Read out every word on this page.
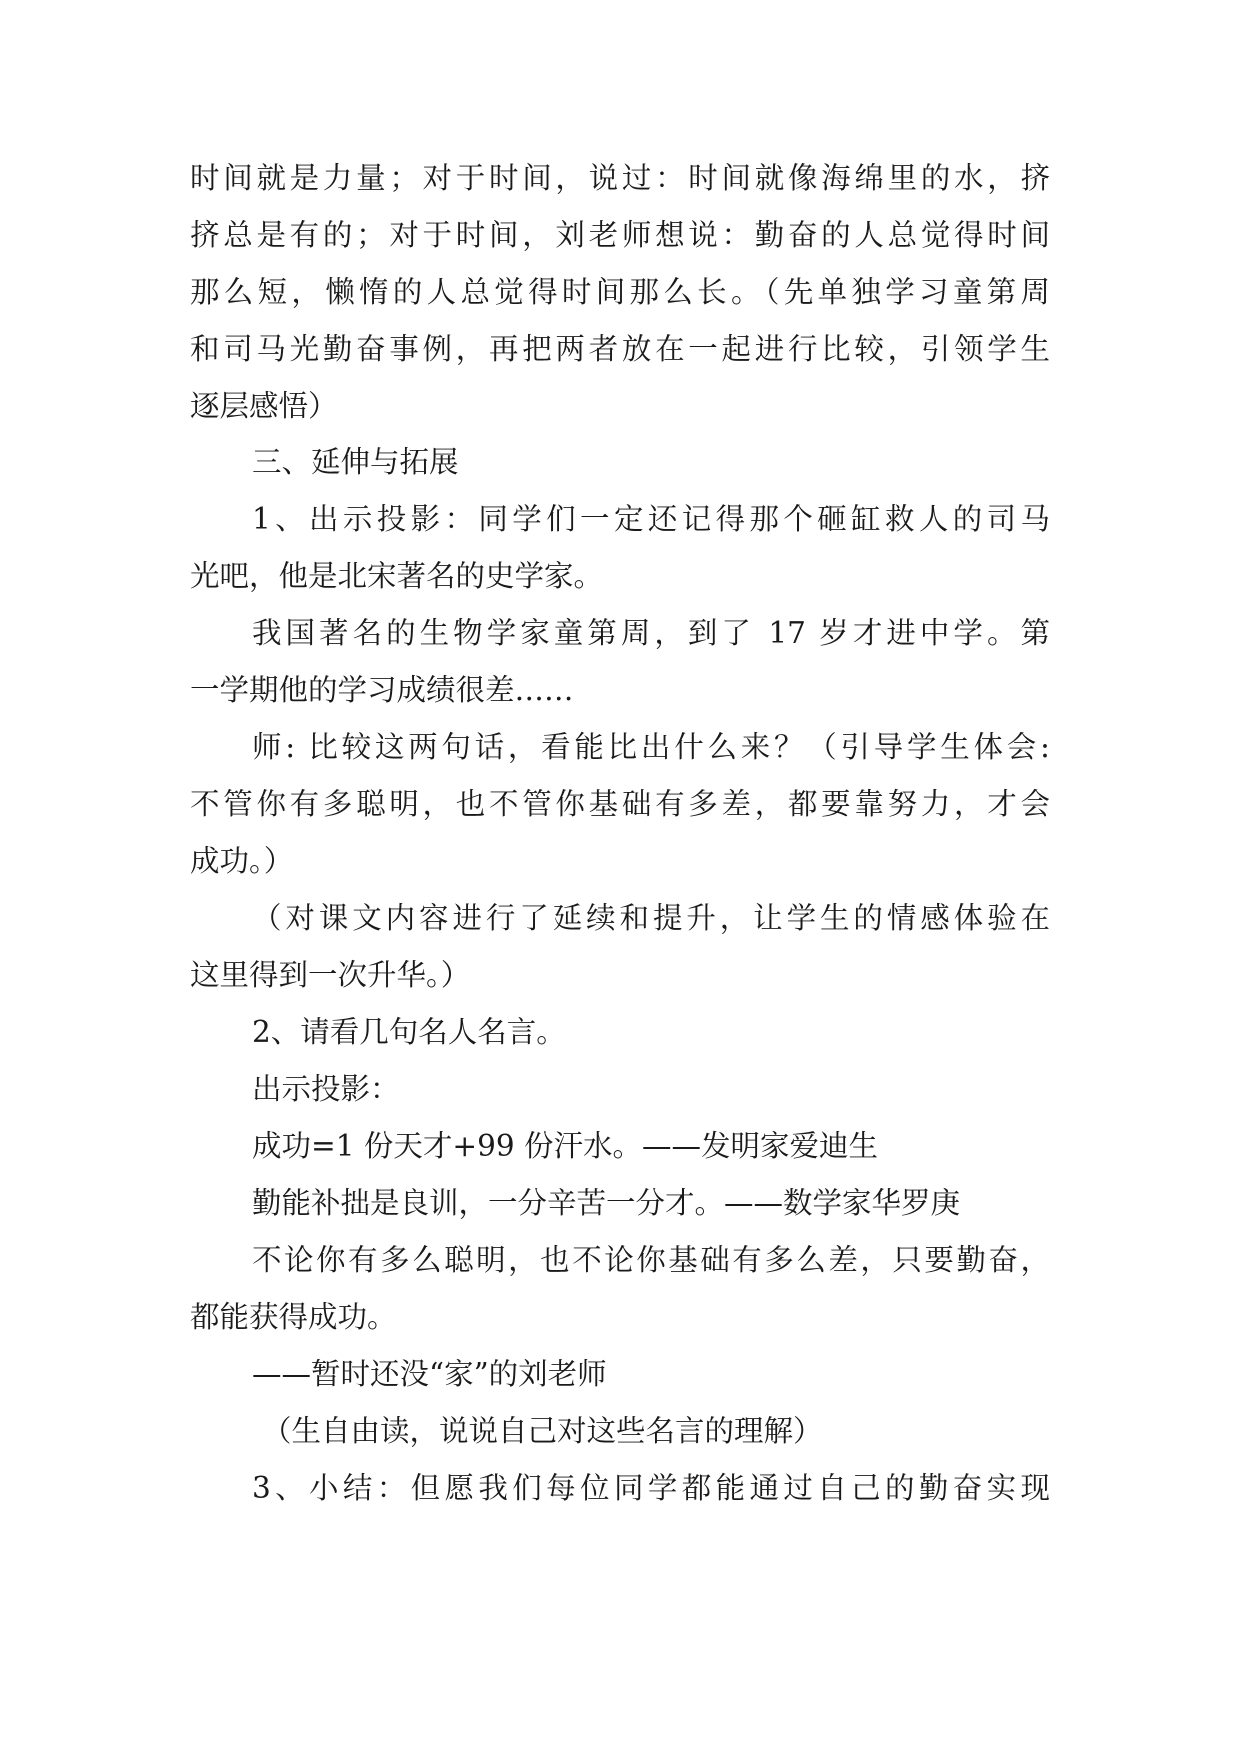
时间就是力量；对于时间，说过：时间就像海绵里的水，挤
挤总是有的；对于时间，刘老师想说：勤奋的人总觉得时间
那么短，懒惰的人总觉得时间那么长。（先单独学习童第周
和司马光勤奋事例，再把两者放在一起进行比较，引领学生
逐层感悟）
三、延伸与拓展
1、出示投影：同学们一定还记得那个砸缸救人的司马
光吧，他是北宋著名的史学家。
我国著名的生物学家童第周，到了 17 岁才进中学。第
一学期他的学习成绩很差……
师: 比较这两句话，看能比出什么来？（引导学生体会:
不管你有多聪明，也不管你基础有多差，都要靠努力，才会
成功。）
（对课文内容进行了延续和提升，让学生的情感体验在
这里得到一次升华。）
2、请看几句名人名言。
出示投影：
成功=1 份天才+99 份汗水。——发明家爱迪生
勤能补拙是良训，一分辛苦一分才。——数学家华罗庚
不论你有多么聪明，也不论你基础有多么差，只要勤奋，
都能获得成功。
——暂时还没“家”的刘老师
（生自由读，说说自己对这些名言的理解）
3、小结：但愿我们每位同学都能通过自己的勤奋实现
